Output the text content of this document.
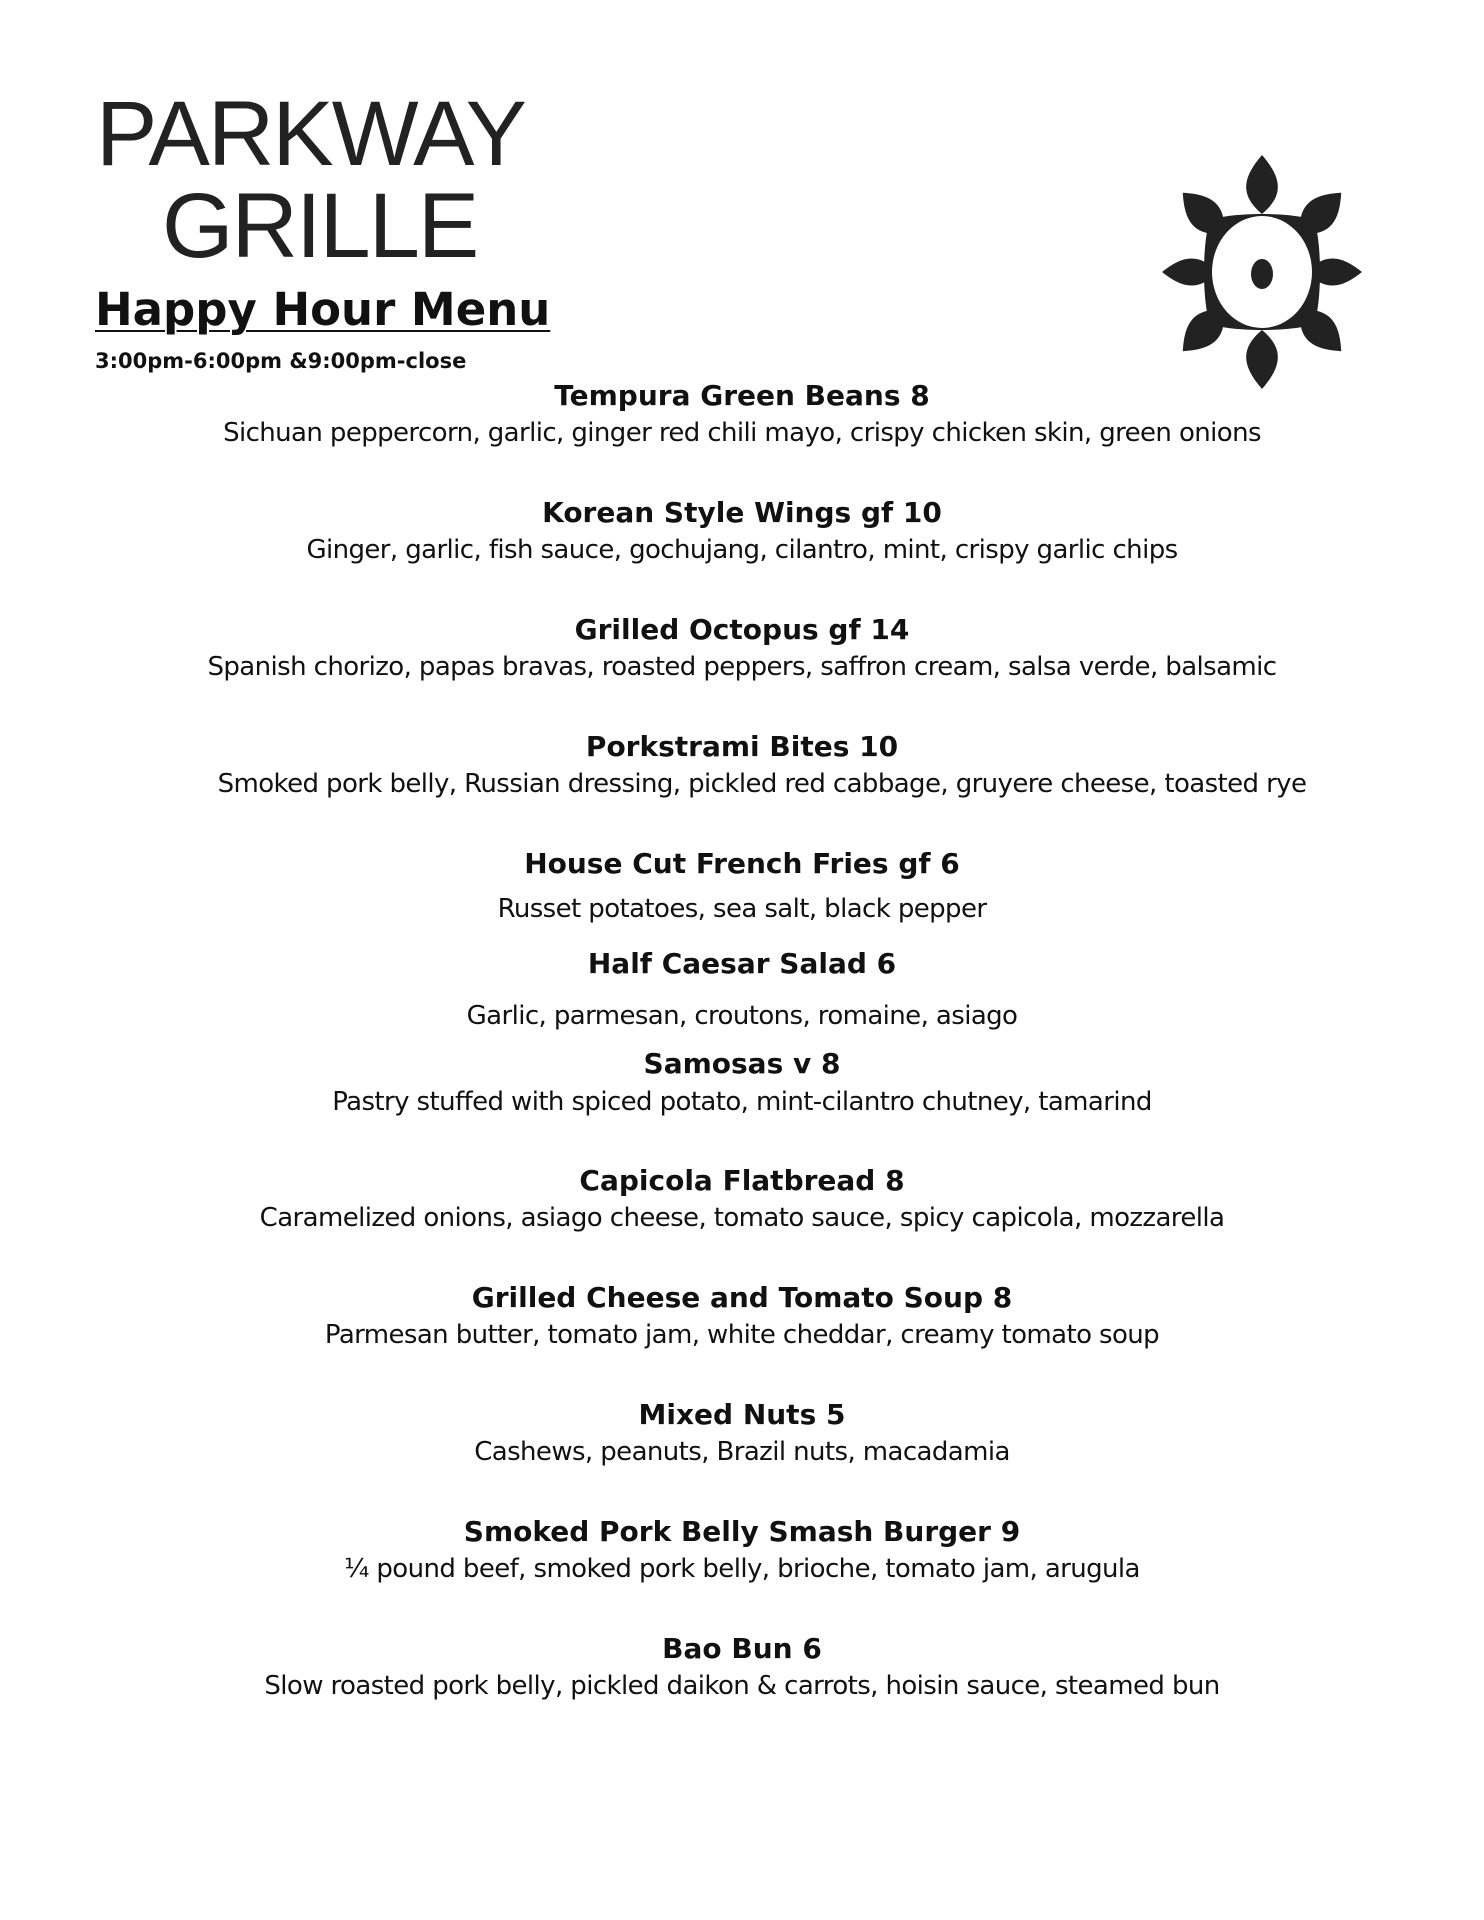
PARKWAY
GRILLE
Happy Hour Menu
3:00pm-6:00pm &9:00pm-close
Tempura Green Beans 8
Sichuan peppercorn, garlic, ginger red chili mayo, crispy chicken skin, green onions
Korean Style Wings gf 10
Ginger, garlic, fish sauce, gochujang, cilantro, mint, crispy garlic chips
Grilled Octopus gf 14
Spanish chorizo, papas bravas, roasted peppers, saffron cream, salsa verde, balsamic
Porkstrami Bites 10
Smoked pork belly, Russian dressing, pickled red cabbage, gruyere cheese, toasted rye
House Cut French Fries gf 6
Russet potatoes, sea salt, black pepper
Half Caesar Salad 6
Garlic, parmesan, croutons, romaine, asiago
Samosas v 8
Pastry stuffed with spiced potato, mint-cilantro chutney, tamarind
Capicola Flatbread 8
Caramelized onions, asiago cheese, tomato sauce, spicy capicola, mozzarella
Grilled Cheese and Tomato Soup 8
Parmesan butter, tomato jam, white cheddar, creamy tomato soup
Mixed Nuts 5
Cashews, peanuts, Brazil nuts, macadamia
Smoked Pork Belly Smash Burger 9
¼ pound beef, smoked pork belly, brioche, tomato jam, arugula
Bao Bun 6
Slow roasted pork belly, pickled daikon & carrots, hoisin sauce, steamed bun
